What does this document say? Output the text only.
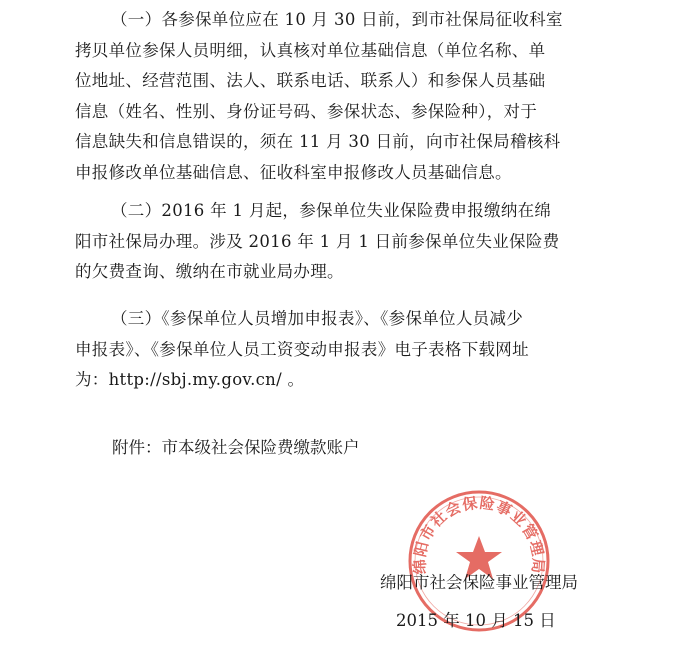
（一）各参保单位应在 10 月 30 日前，到市社保局征收科室
拷贝单位参保人员明细，认真核对单位基础信息（单位名称、单
位地址、经营范围、法人、联系电话、联系人）和参保人员基础
信息（姓名、性别、身份证号码、参保状态、参保险种），对于
信息缺失和信息错误的，须在 11 月 30 日前，向市社保局稽核科
申报修改单位基础信息、征收科室申报修改人员基础信息。
（二）2016 年 1 月起，参保单位失业保险费申报缴纳在绵
阳市社保局办理。涉及 2016 年 1 月 1 日前参保单位失业保险费
的欠费查询、缴纳在市就业局办理。
（三）《参保单位人员增加申报表》、《参保单位人员减少
申报表》、《参保单位人员工资变动申报表》电子表格下载网址
为：http://sbj.my.gov.cn/ 。

附件：市本级社会保险费缴款账户

绵阳市社会保险事业管理局

绵阳市社会保险事业管理局

2015 年 10 月 15 日
